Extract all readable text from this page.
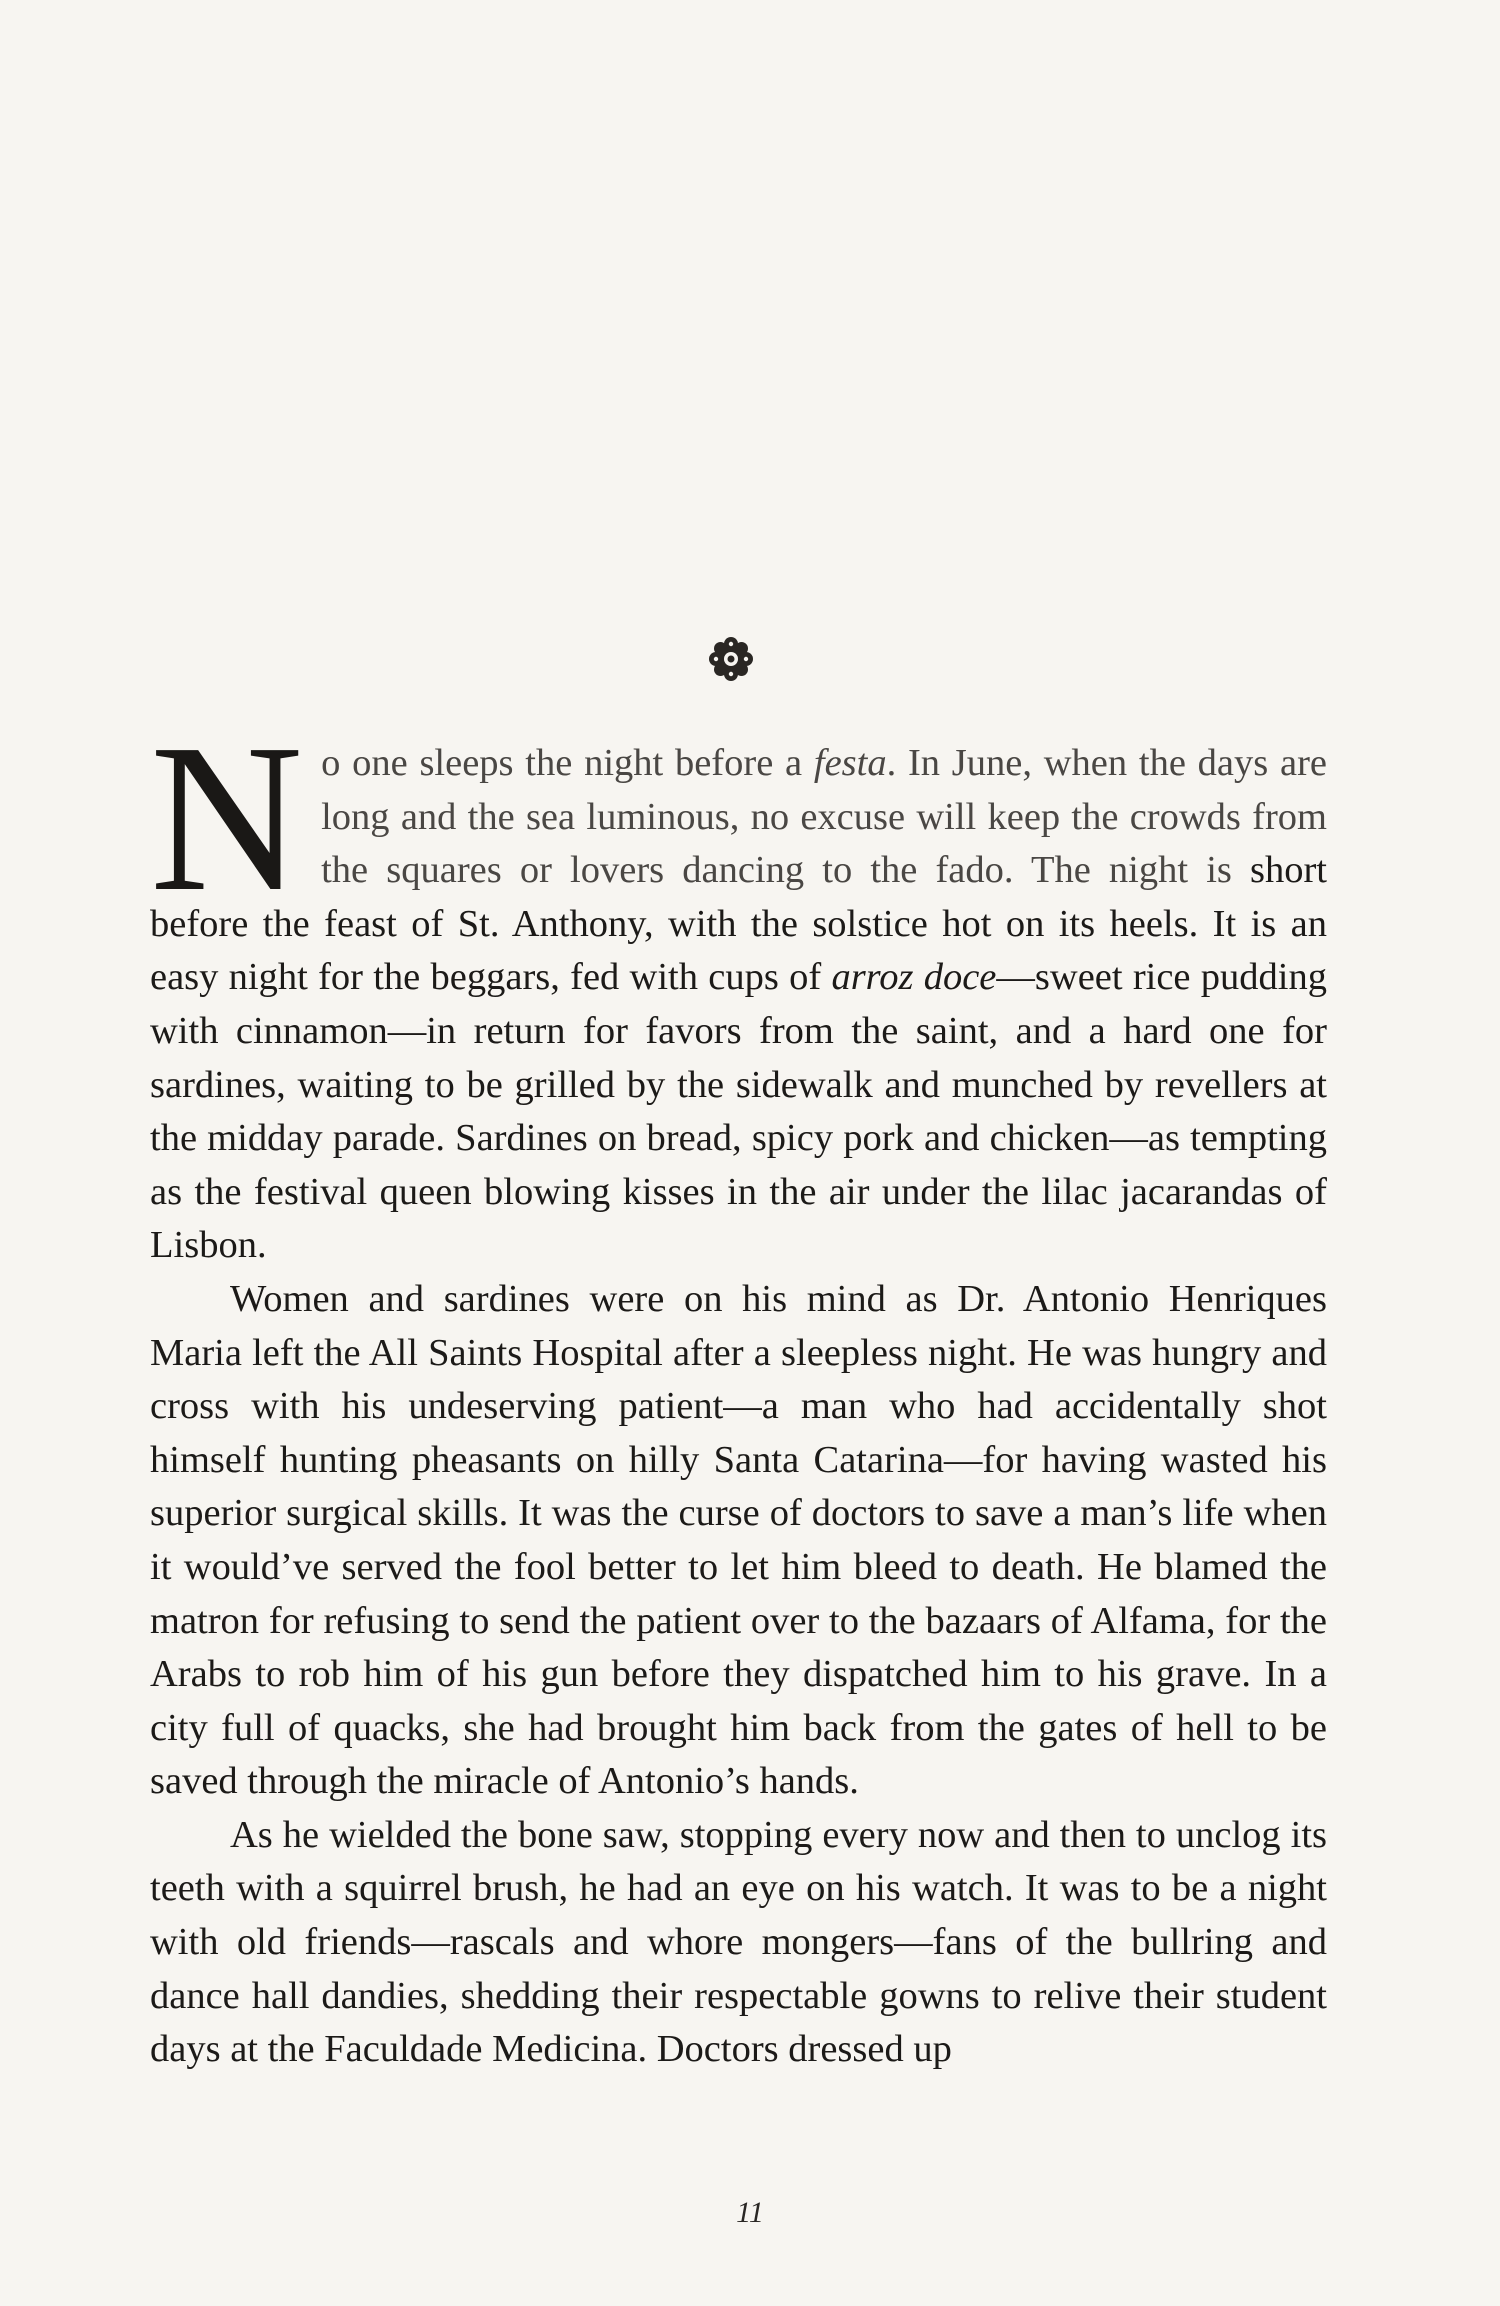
No one sleeps the night before a festa. In June, when the days are long and the sea luminous, no excuse will keep the crowds from the squares or lovers dancing to the fado. The night is short before the feast of St. Anthony, with the solstice hot on its heels. It is an easy night for the beggars, fed with cups of arroz doce—sweet rice pudding with cinnamon—in return for favors from the saint, and a hard one for sardines, waiting to be grilled by the sidewalk and munched by revellers at the midday parade. Sardines on bread, spicy pork and chicken—as tempting as the festival queen blowing kisses in the air under the lilac jacarandas of Lisbon.

Women and sardines were on his mind as Dr. Antonio Henriques Maria left the All Saints Hospital after a sleepless night. He was hungry and cross with his undeserving patient—a man who had accidentally shot himself hunting pheasants on hilly Santa Catarina—for having wasted his superior surgical skills. It was the curse of doctors to save a man’s life when it would’ve served the fool better to let him bleed to death. He blamed the matron for refusing to send the patient over to the bazaars of Alfama, for the Arabs to rob him of his gun before they dispatched him to his grave. In a city full of quacks, she had brought him back from the gates of hell to be saved through the miracle of Antonio’s hands.

As he wielded the bone saw, stopping every now and then to unclog its teeth with a squirrel brush, he had an eye on his watch. It was to be a night with old friends—rascals and whore mongers—fans of the bullring and dance hall dandies, shedding their respectable gowns to relive their student days at the Faculdade Medicina. Doctors dressed up

11
